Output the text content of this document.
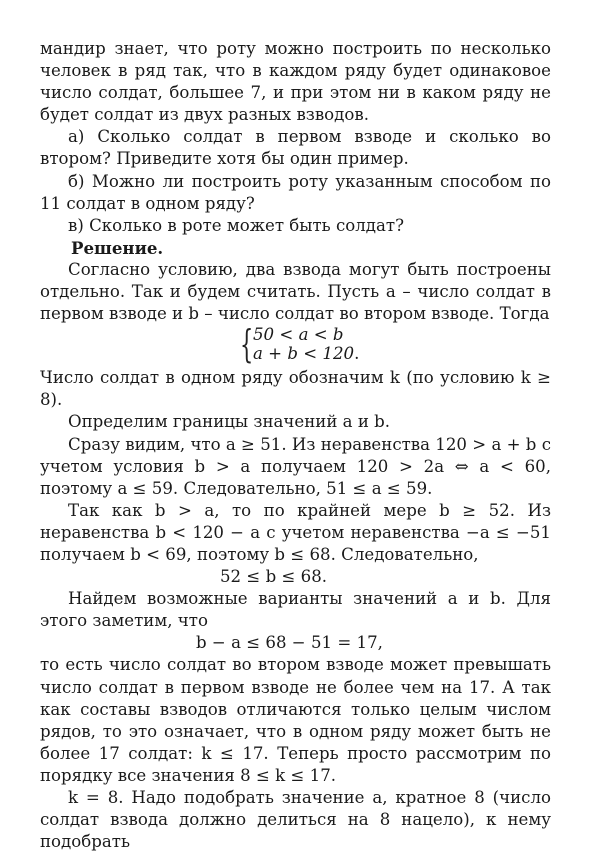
мандир знает, что роту можно построить по несколько человек в ряд так, что в каждом ряду будет одинаковое число солдат, большее 7, и при этом ни в каком ряду не будет солдат из двух разных взводов.

а) Сколько солдат в первом взводе и сколько во втором? Приведите хотя бы один пример.

б) Можно ли построить роту указанным способом по 11 солдат в одном ряду?

в) Сколько в роте может быть солдат?

Решение.

Согласно условию, два взвода могут быть построены отдельно. Так и будем считать. Пусть a – число солдат в первом взводе и b – число солдат во втором взводе. Тогда

{ 50 < a < b
a + b < 120.

Число солдат в одном ряду обозначим k (по условию k ≥ 8).

Определим границы значений a и b.

Сразу видим, что a ≥ 51. Из неравенства 120 > a + b с учетом условия b > a получаем 120 > 2a ⇔ a < 60, поэтому a ≤ 59. Следовательно, 51 ≤ a ≤ 59.

Так как b > a, то по крайней мере b ≥ 52. Из неравенства b < 120 − a с учетом неравенства −a ≤ −51 получаем b < 69, поэтому b ≤ 68. Следовательно,

52 ≤ b ≤ 68.

Найдем возможные варианты значений a и b. Для этого заметим, что

b − a ≤ 68 − 51 = 17,

то есть число солдат во втором взводе может превышать число солдат в первом взводе не более чем на 17. А так как составы взводов отличаются только целым числом рядов, то это означает, что в одном ряду может быть не более 17 солдат: k ≤ 17. Теперь просто рассмотрим по порядку все значения 8 ≤ k ≤ 17.

k = 8. Надо подобрать значение a, кратное 8 (число солдат взвода должно делиться на 8 нацело), к нему подобрать
